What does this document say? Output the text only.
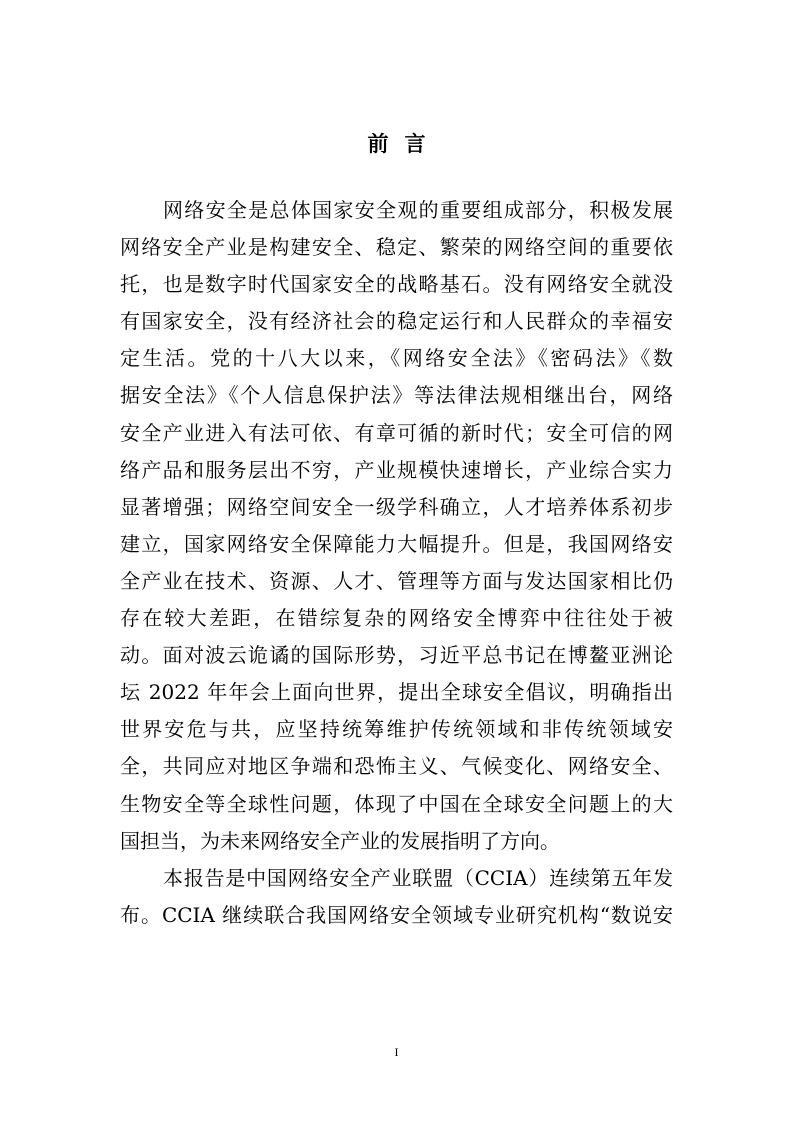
前言
网络安全是总体国家安全观的重要组成部分，积极发展
网络安全产业是构建安全、稳定、繁荣的网络空间的重要依
托，也是数字时代国家安全的战略基石。没有网络安全就没
有国家安全，没有经济社会的稳定运行和人民群众的幸福安
定生活。党的十八大以来，《网络安全法》《密码法》《数
据安全法》《个人信息保护法》等法律法规相继出台，网络
安全产业进入有法可依、有章可循的新时代；安全可信的网
络产品和服务层出不穷，产业规模快速增长，产业综合实力
显著增强；网络空间安全一级学科确立，人才培养体系初步
建立，国家网络安全保障能力大幅提升。但是，我国网络安
全产业在技术、资源、人才、管理等方面与发达国家相比仍
存在较大差距，在错综复杂的网络安全博弈中往往处于被
动。面对波云诡谲的国际形势，习近平总书记在博鳌亚洲论
坛 2022 年年会上面向世界，提出全球安全倡议，明确指出
世界安危与共，应坚持统筹维护传统领域和非传统领域安
全，共同应对地区争端和恐怖主义、气候变化、网络安全、
生物安全等全球性问题，体现了中国在全球安全问题上的大
国担当，为未来网络安全产业的发展指明了方向。
本报告是中国网络安全产业联盟（CCIA）连续第五年发
布。CCIA 继续联合我国网络安全领域专业研究机构“数说安
I
